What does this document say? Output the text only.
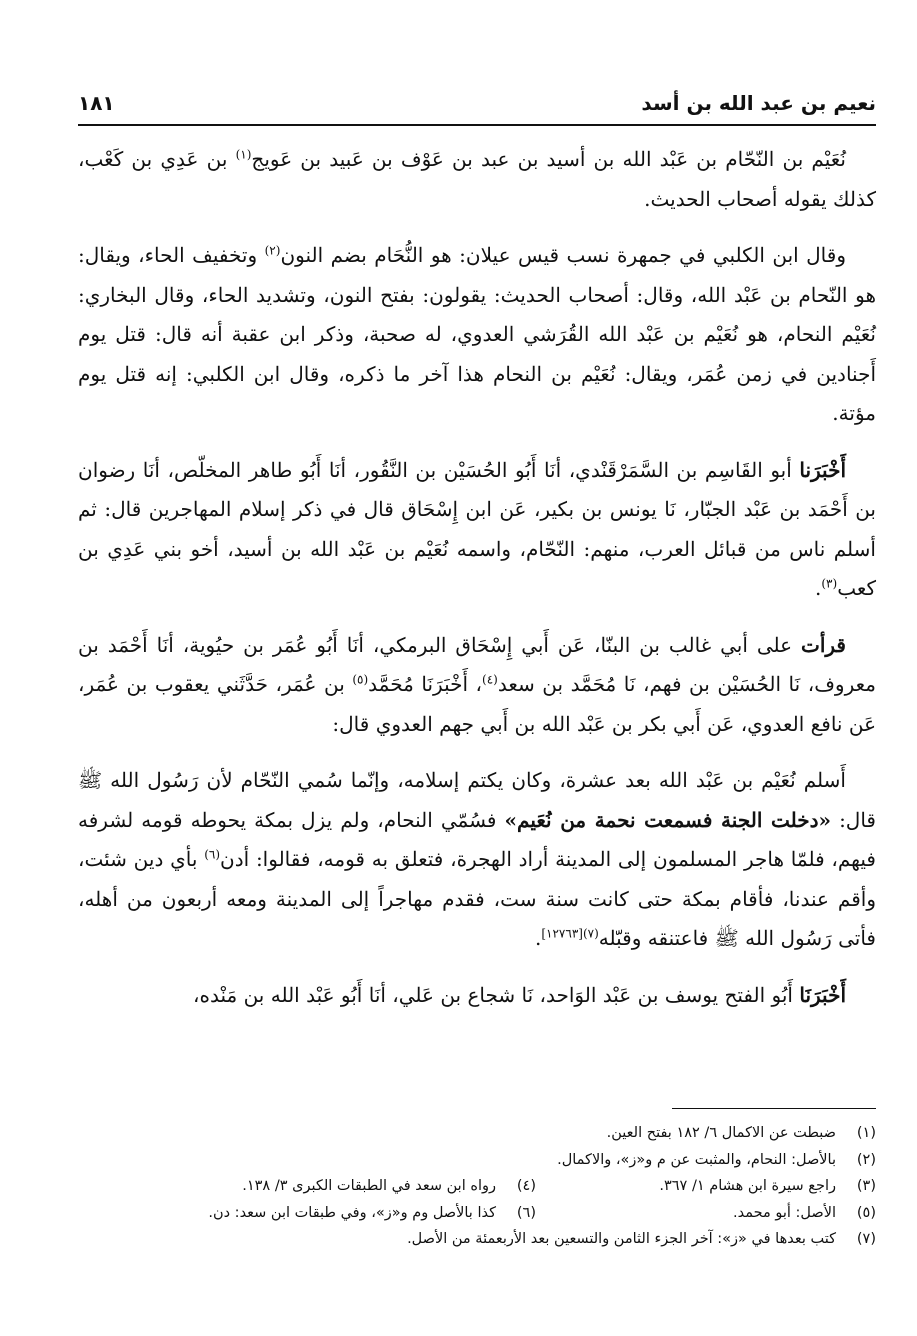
نعيم بن عبد الله بن أسد
١٨١

نُعَيْم بن النّحّام بن عَبْد الله بن أسيد بن عبد بن عَوْف بن عَبيد بن عَويج$^{(١)}$ بن عَدِي بن كَعْب، كذلك يقوله أصحاب الحديث.

وقال ابن الكلبي في جمهرة نسب قيس عيلان: هو النُّحَام بضم النون$^{(٢)}$ وتخفيف الحاء، ويقال: هو النّحام بن عَبْد الله، وقال: أصحاب الحديث: يقولون: بفتح النون، وتشديد الحاء، وقال البخاري: نُعَيْم النحام، هو نُعَيْم بن عَبْد الله القُرَشي العدوي، له صحبة، وذكر ابن عقبة أنه قال: قتل يوم أَجنادين في زمن عُمَر، ويقال: نُعَيْم بن النحام هذا آخر ما ذكره، وقال ابن الكلبي: إنه قتل يوم مؤتة.

أَخْبَرَنا أبو القَاسِم بن السَّمَرْقَنْدي، أنَا أَبُو الحُسَيْن بن النَّقُور، أنَا أَبُو طاهر المخلّص، أنَا رضوان بن أَحْمَد بن عَبْد الجبّار، نَا يونس بن بكير، عَن ابن إِسْحَاق قال في ذكر إسلام المهاجرين قال: ثم أسلم ناس من قبائل العرب، منهم: النّحّام، واسمه نُعَيْم بن عَبْد الله بن أسيد، أخو بني عَدِي بن كعب$^{(٣)}$.

قرأت على أبي غالب بن البنّا، عَن أَبي إِسْحَاق البرمكي، أنَا أَبُو عُمَر بن حيُوية، أنَا أَحْمَد بن معروف، نَا الحُسَيْن بن فهم، نَا مُحَمَّد بن سعد$^{(٤)}$، أَخْبَرَنَا مُحَمَّد$^{(٥)}$ بن عُمَر، حَدَّثَني يعقوب بن عُمَر، عَن نافع العدوي، عَن أَبي بكر بن عَبْد الله بن أَبي جهم العدوي قال:

أَسلم نُعَيْم بن عَبْد الله بعد عشرة، وكان يكتم إسلامه، وإنّما سُمي النّحّام لأن رَسُول الله ﷺ قال: «دخلت الجنة فسمعت نحمة من نُعَيم» فسُمّي النحام، ولم يزل بمكة يحوطه قومه لشرفه فيهم، فلمّا هاجر المسلمون إلى المدينة أراد الهجرة، فتعلق به قومه، فقالوا: أدن$^{(٦)}$ بأي دين شئت، وأقم عندنا، فأقام بمكة حتى كانت سنة ست، فقدم مهاجراً إلى المدينة ومعه أربعون من أهله، فأتى رَسُول الله ﷺ فاعتنقه وقبّله$^{(٧)[١٢٧٦٣]}$.

أَخْبَرَنَا أَبُو الفتح يوسف بن عَبْد الوَاحد، نَا شجاع بن عَلي، أنَا أَبُو عَبْد الله بن مَنْده،

(١)
ضبطت عن الاكمال ٦/ ١٨٢ بفتح العين.
(٢)
بالأصل: النحام، والمثبت عن م و«ز»، والاكمال.
(٣)
راجع سيرة ابن هشام ١/ ٣٦٧.
(٤)
رواه ابن سعد في الطبقات الكبرى ٣/ ١٣٨.
(٥)
الأصل: أبو محمد.
(٦)
كذا بالأصل وم و«ز»، وفي طبقات ابن سعد: دن.
(٧)
كتب بعدها في «ز»: آخر الجزء الثامن والتسعين بعد الأربعمئة من الأصل.
